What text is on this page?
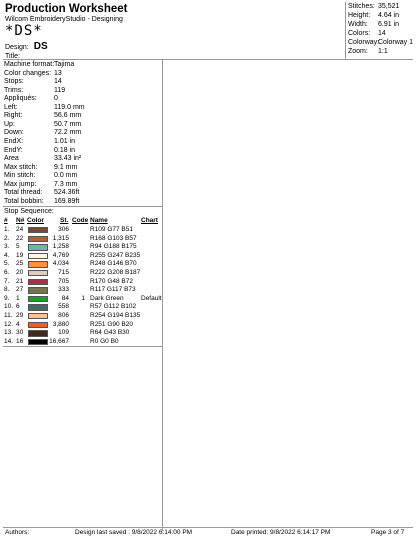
Production Worksheet
Wilcom EmbroideryStudio - Designing
*DS*
Design: DS
Title:
Stitches: 35,521
Height: 4.64 in
Width: 6.91 in
Colors: 14
Colorway:
Colorway 1
Zoom: 1:1
Machine format: Tajima
Color changes: 13
Stops:	14
Trims:	119
Appliqués: 0
Left:	119.0 mm
Right:	56.6 mm
Up:	50.7 mm
Down:	72.2 mm
EndX:	1.01 in
EndY:	0.18 in
Area	33.43 in²
Max stitch: 9.1 mm
Min stitch:	0.0 mm
Max jump:	7.3 mm
Total thread: 524.36ft
Total bobbin: 169.89ft
Stop Sequence:
# N# Color St. Code Name	Chart
1. 24	306	R109 G77 B51
2. 22	1,315	R168 G103 B57
3. 5	1,258	R94 G188 B175
4. 19	4,769	R255 G247 B235
5. 25	4,034	R248 G146 B70
6. 20	715	R222 G208 B187
7. 21	705	R170 G48 B72
8. 27	333	R117 G117 B73
9. 1	84 1 Dark Green	Default
10. 6	558	R57 G112 B102
11. 29	806	R254 G194 B135
12. 4	3,880	R251 G90 B20
13. 30	109	R64 G43 B30
14. 16	16,667	R0 G0 B0
Authors:	Design last saved : 9/8/2022 6:14:00 PM	Date printed: 9/8/2022 6:14:17 PM	Page 3 of 7
